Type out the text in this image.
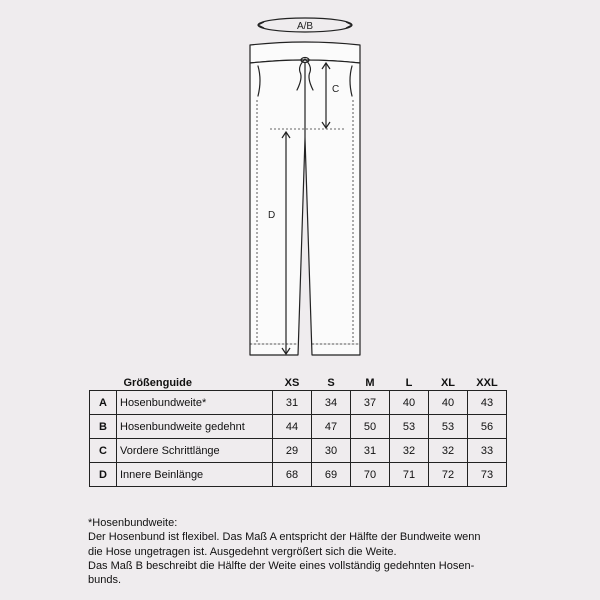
A/B
C
D
Größenguide		XS	S	M	L	XL	XXL
A	Hosenbundweite*	31	34	37	40	40	43
B	Hosenbundweite gedehnt	44	47	50	53	53	56
C	Vordere Schrittlänge	29	30	31	32	32	33
D	Innere Beinlänge	68	69	70	71	72	73

*Hosenbundweite:

Der Hosenbund ist flexibel. Das Maß A entspricht der Hälfte der Bundweite wenn

die Hose ungetragen ist. Ausgedehnt vergrößert sich die Weite.

Das Maß B beschreibt die Hälfte der Weite eines vollständig gedehnten Hosen-

bunds.
